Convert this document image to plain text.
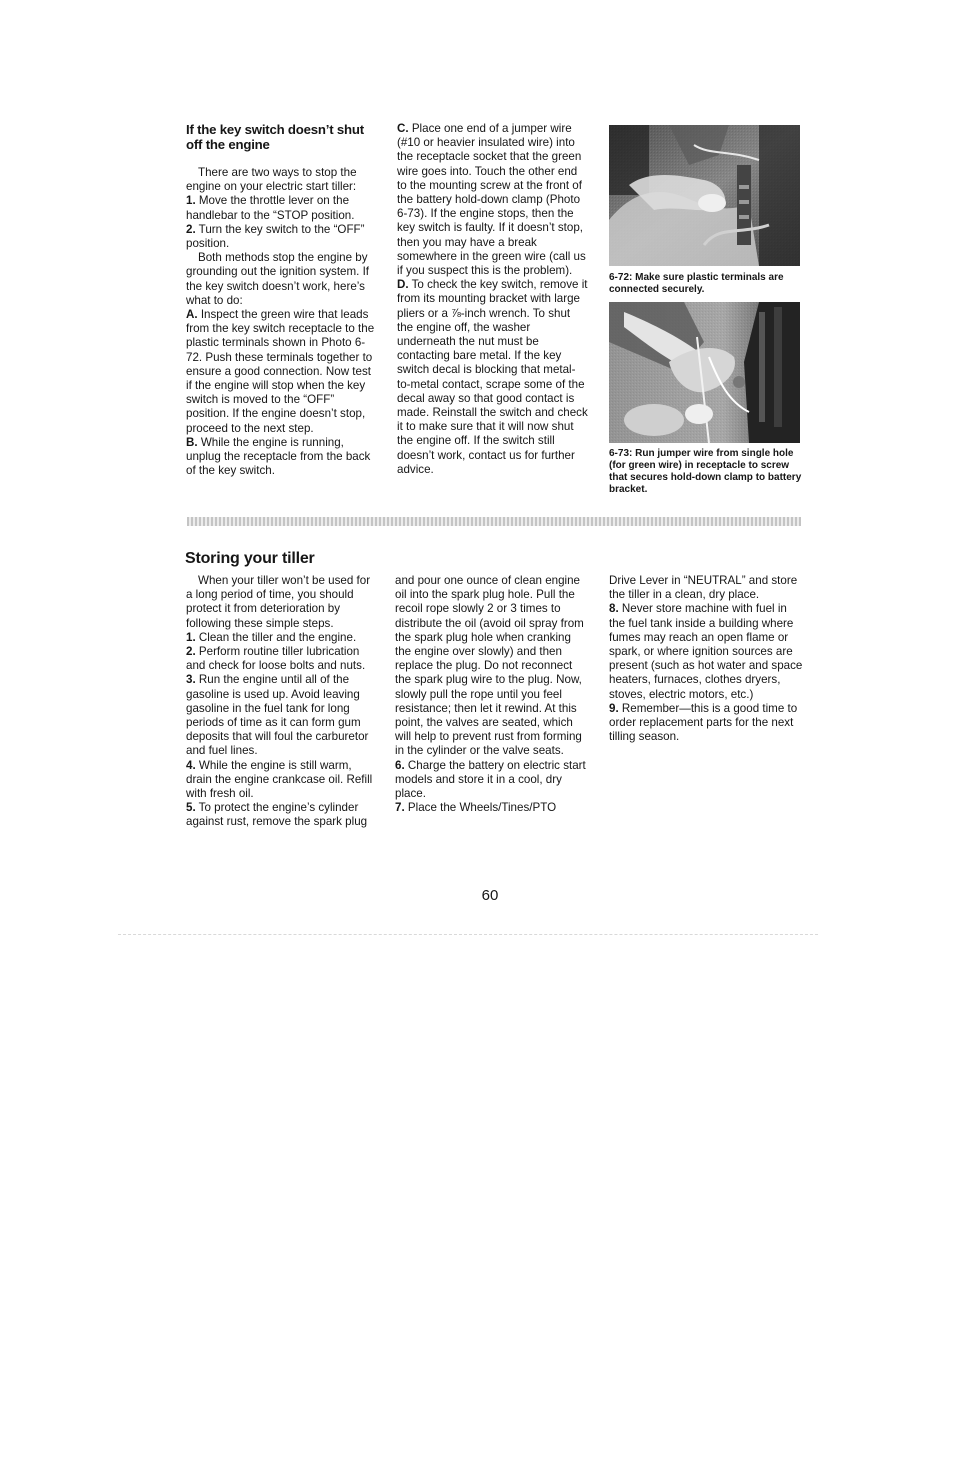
If the key switch doesn’t shut off the engine

There are two ways to stop the engine on your electric start tiller:

1. Move the throttle lever on the handlebar to the “STOP position.

2. Turn the key switch to the “OFF” position.

Both methods stop the engine by grounding out the ignition system. If the key switch doesn’t work, here’s what to do:

A. Inspect the green wire that leads from the key switch receptacle to the plastic terminals shown in Photo 6-72. Push these terminals together to ensure a good connection. Now test if the engine will stop when the key switch is moved to the “OFF” position. If the engine doesn’t stop, proceed to the next step.

B. While the engine is running, unplug the receptacle from the back of the key switch.

C. Place one end of a jumper wire (#10 or heavier insulated wire) into the receptacle socket that the green wire goes into. Touch the other end to the mounting screw at the front of the battery hold-down clamp (Photo 6-73). If the engine stops, then the key switch is faulty. If it doesn’t stop, then you may have a break somewhere in the green wire (call us if you suspect this is the problem).

D. To check the key switch, remove it from its mounting bracket with large pliers or a ⅞-inch wrench. To shut the engine off, the washer underneath the nut must be contacting bare metal. If the key switch decal is blocking that metal-to-metal contact, scrape some of the decal away so that good contact is made. Reinstall the switch and check it to make sure that it will now shut the engine off. If the switch still doesn’t work, contact us for further advice.

6-72: Make sure plastic terminals are connected securely.
6-73: Run jumper wire from single hole (for green wire) in receptacle to screw that secures hold-down clamp to battery bracket.
Storing your tiller

When your tiller won’t be used for a long period of time, you should protect it from deterioration by following these simple steps.

1. Clean the tiller and the engine.

2. Perform routine tiller lubrication and check for loose bolts and nuts.

3. Run the engine until all of the gasoline is used up. Avoid leaving gasoline in the fuel tank for long periods of time as it can form gum deposits that will foul the carburetor and fuel lines.

4. While the engine is still warm, drain the engine crankcase oil. Refill with fresh oil.

5. To protect the engine’s cylinder against rust, remove the spark plug

and pour one ounce of clean engine oil into the spark plug hole. Pull the recoil rope slowly 2 or 3 times to distribute the oil (avoid oil spray from the spark plug hole when cranking the engine over slowly) and then replace the plug. Do not reconnect the spark plug wire to the plug. Now, slowly pull the rope until you feel resistance; then let it rewind. At this point, the valves are seated, which will help to prevent rust from forming in the cylinder or the valve seats.

6. Charge the battery on electric start models and store it in a cool, dry place.

7. Place the Wheels/Tines/PTO

Drive Lever in “NEUTRAL” and store the tiller in a clean, dry place.

8. Never store machine with fuel in the fuel tank inside a building where fumes may reach an open flame or spark, or where ignition sources are present (such as hot water and space heaters, furnaces, clothes dryers, stoves, electric motors, etc.)

9. Remember—this is a good time to order replacement parts for the next tilling season.

60
